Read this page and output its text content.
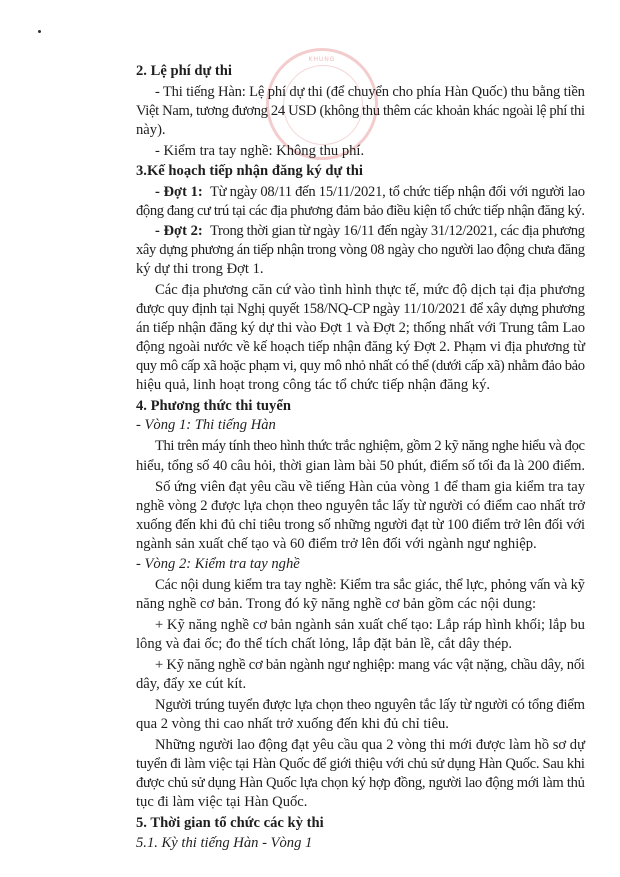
KHUNG
2. Lệ phí dự thi
- Thi tiếng Hàn: Lệ phí dự thi (để chuyển cho phía Hàn Quốc) thu bằng tiền
Việt Nam, tương đương 24 USD (không thu thêm các khoản khác ngoài lệ phí thi
này).
- Kiểm tra tay nghề: Không thu phí.
3.Kế hoạch tiếp nhận đăng ký dự thi
- Đợt 1: Từ ngày 08/11 đến 15/11/2021, tổ chức tiếp nhận đối với người lao
động đang cư trú tại các địa phương đảm bảo điều kiện tổ chức tiếp nhận đăng ký.
- Đợt 2: Trong thời gian từ ngày 16/11 đến ngày 31/12/2021, các địa phương
xây dựng phương án tiếp nhận trong vòng 08 ngày cho người lao động chưa đăng
ký dự thi trong Đợt 1.
Các địa phương căn cứ vào tình hình thực tế, mức độ dịch tại địa phương
được quy định tại Nghị quyết 158/NQ-CP ngày 11/10/2021 để xây dựng phương
án tiếp nhận đăng ký dự thi vào Đợt 1 và Đợt 2; thống nhất với Trung tâm Lao
động ngoài nước về kế hoạch tiếp nhận đăng ký Đợt 2. Phạm vi địa phương từ
quy mô cấp xã hoặc phạm vi, quy mô nhỏ nhất có thể (dưới cấp xã) nhằm đảo bảo
hiệu quả, linh hoạt trong công tác tổ chức tiếp nhận đăng ký.
4. Phương thức thi tuyển
- Vòng 1: Thi tiếng Hàn
Thi trên máy tính theo hình thức trắc nghiệm, gồm 2 kỹ năng nghe hiểu và đọc
hiểu, tổng số 40 câu hỏi, thời gian làm bài 50 phút, điểm số tối đa là 200 điểm.
Số ứng viên đạt yêu cầu về tiếng Hàn của vòng 1 để tham gia kiểm tra tay
nghề vòng 2 được lựa chọn theo nguyên tắc lấy từ người có điểm cao nhất trở
xuống đến khi đủ chỉ tiêu trong số những người đạt từ 100 điểm trở lên đối với
ngành sản xuất chế tạo và 60 điểm trở lên đối với ngành ngư nghiệp.
- Vòng 2: Kiểm tra tay nghề
Các nội dung kiểm tra tay nghề: Kiểm tra sắc giác, thể lực, phỏng vấn và kỹ
năng nghề cơ bản. Trong đó kỹ năng nghề cơ bản gồm các nội dung:
+ Kỹ năng nghề cơ bản ngành sản xuất chế tạo: Lắp ráp hình khối; lắp bu
lông và đai ốc; đo thể tích chất lỏng, lắp đặt bản lề, cắt dây thép.
+ Kỹ năng nghề cơ bản ngành ngư nghiệp: mang vác vật nặng, chầu dây, nối
dây, đẩy xe cút kít.
Người trúng tuyển được lựa chọn theo nguyên tắc lấy từ người có tổng điểm
qua 2 vòng thi cao nhất trở xuống đến khi đủ chỉ tiêu.
Những người lao động đạt yêu cầu qua 2 vòng thi mới được làm hồ sơ dự
tuyển đi làm việc tại Hàn Quốc để giới thiệu với chủ sử dụng Hàn Quốc. Sau khi
được chủ sử dụng Hàn Quốc lựa chọn ký hợp đồng, người lao động mới làm thủ
tục đi làm việc tại Hàn Quốc.
5. Thời gian tổ chức các kỳ thi
5.1. Kỳ thi tiếng Hàn - Vòng 1
